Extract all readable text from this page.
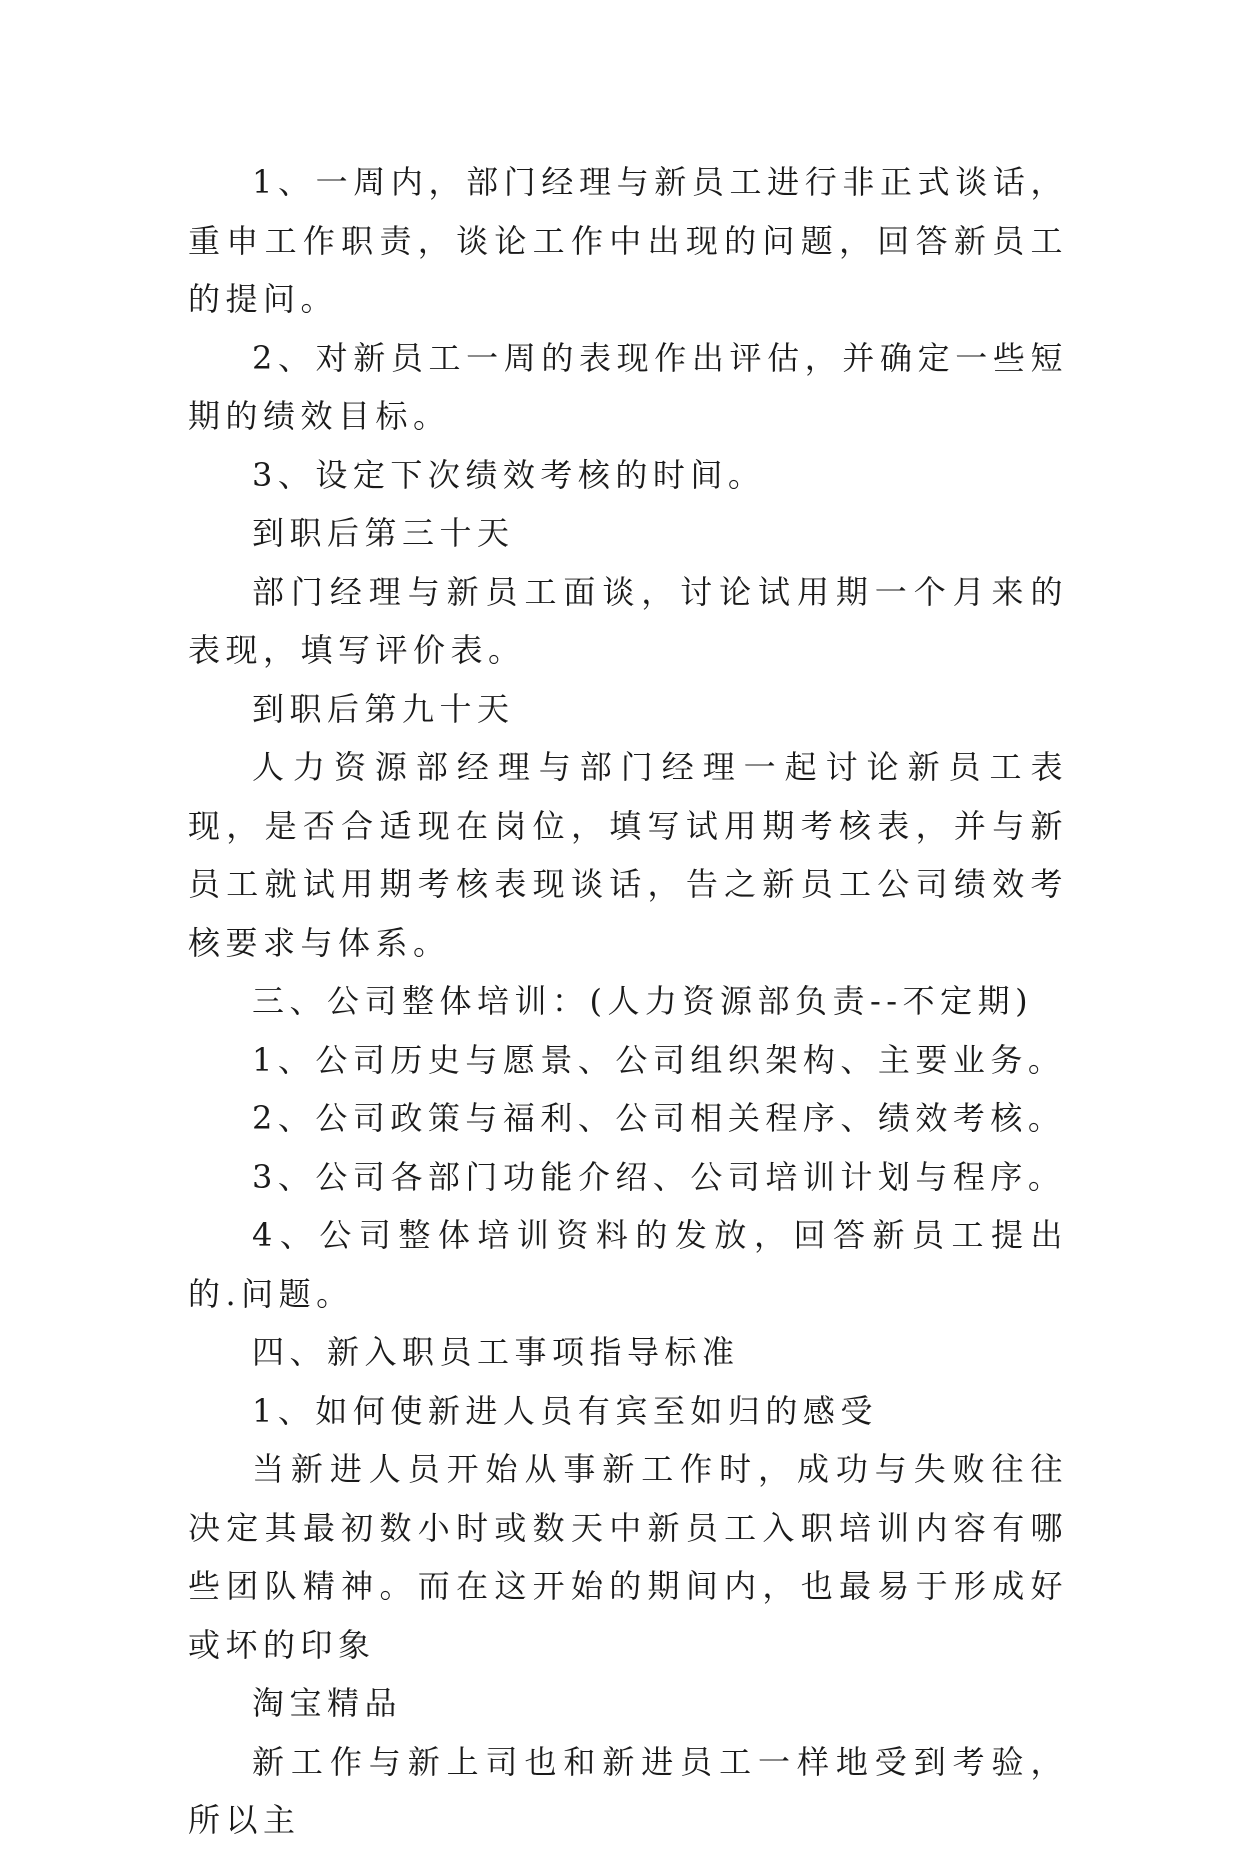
1、一周内，部门经理与新员工进行非正式谈话，重申工作职责，谈论工作中出现的问题，回答新员工的提问。

2、对新员工一周的表现作出评估，并确定一些短期的绩效目标。

3、设定下次绩效考核的时间。

到职后第三十天

部门经理与新员工面谈，讨论试用期一个月来的表现，填写评价表。

到职后第九十天

人力资源部经理与部门经理一起讨论新员工表现，是否合适现在岗位，填写试用期考核表，并与新员工就试用期考核表现谈话，告之新员工公司绩效考核要求与体系。

三、公司整体培训：(人力资源部负责--不定期)

1、公司历史与愿景、公司组织架构、主要业务。

2、公司政策与福利、公司相关程序、绩效考核。

3、公司各部门功能介绍、公司培训计划与程序。

4、公司整体培训资料的发放，回答新员工提出的.问题。

四、新入职员工事项指导标准

1、如何使新进人员有宾至如归的感受

当新进人员开始从事新工作时，成功与失败往往决定其最初数小时或数天中新员工入职培训内容有哪些团队精神。而在这开始的期间内，也最易于形成好或坏的印象

淘宝精品

新工作与新上司也和新进员工一样地受到考验，所以主
